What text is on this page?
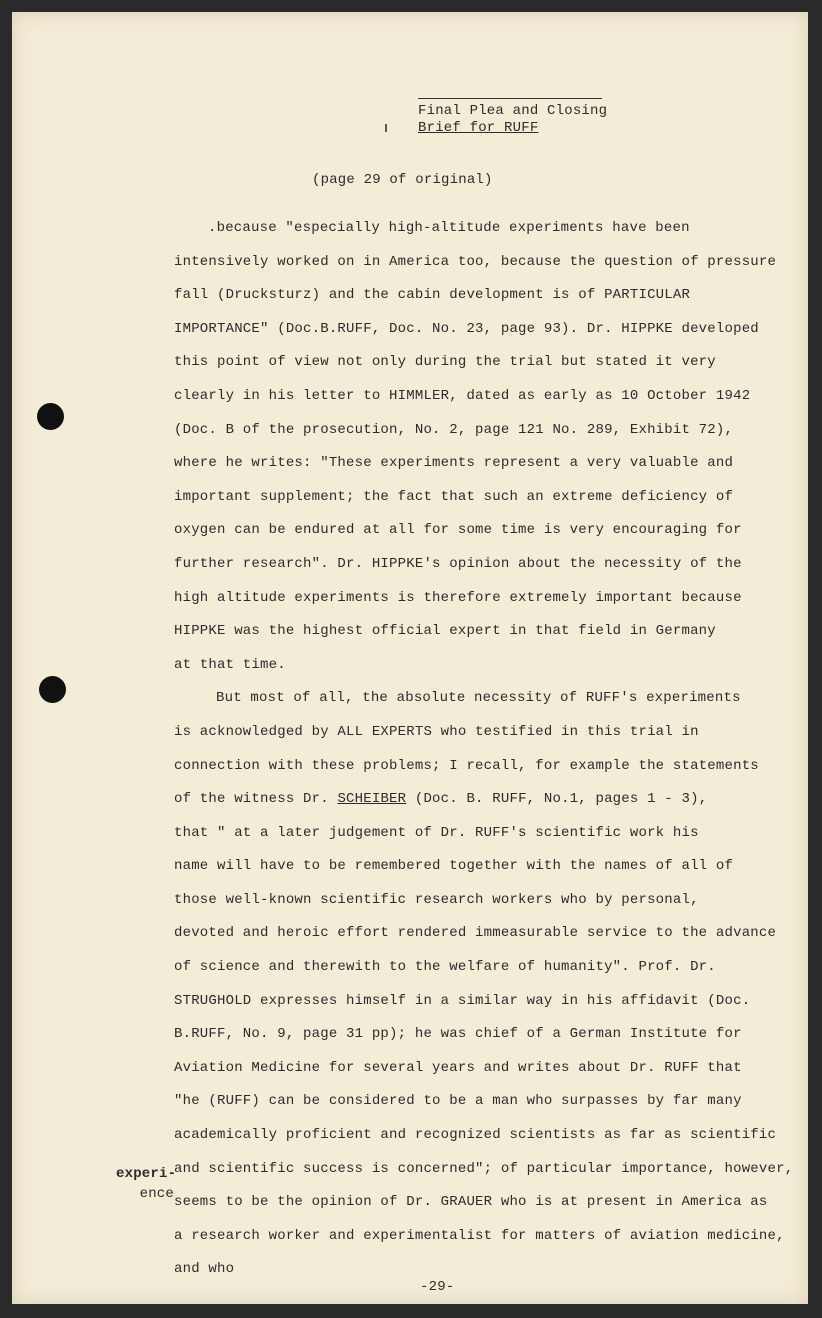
Final Plea and Closing
Brief for RUFF
(page 29 of original)
.because "especially high-altitude experiments have been
intensively worked on in America too, because the question of pressure
fall (Drucksturz) and the cabin development is of PARTICULAR
IMPORTANCE" (Doc.B.RUFF, Doc. No. 23, page 93). Dr. HIPPKE developed
this point of view not only during the trial but stated it very
clearly in his letter to HIMMLER, dated as early as 10 October 1942
(Doc. B of the prosecution, No. 2, page 121 No. 289, Exhibit 72),
where he writes: "These experiments represent a very valuable and
important supplement; the fact that such an extreme deficiency of
oxygen can be endured at all for some time is very encouraging for
further research". Dr. HIPPKE's opinion about the necessity of the
high altitude experiments is therefore extremely important because
HIPPKE was the highest official expert in that field in Germany
at that time.
But most of all, the absolute necessity of RUFF's experiments
is acknowledged by ALL EXPERTS who testified in this trial in
connection with these problems; I recall, for example the statements
of the witness Dr. SCHEIBER (Doc. B. RUFF, No.1, pages 1 - 3),
that " at a later judgement of Dr. RUFF's scientific work his
name will have to be remembered together with the names of all of
those well-known scientific research workers who by personal,
devoted and heroic effort rendered immeasurable service to the advance
of science and therewith to the welfare of humanity". Prof. Dr.
STRUGHOLD expresses himself in a similar way in his affidavit (Doc.
B.RUFF, No. 9, page 31 pp); he was chief of a German Institute for
Aviation Medicine for several years and writes about Dr. RUFF that
"he (RUFF) can be considered to be a man who surpasses by far many
academically proficient and recognized scientists as far as scientific
and scientific success is concerned"; of particular importance, however,
seems to be the opinion of Dr. GRAUER who is at present in America as
a research worker and experimentalist for matters of aviation medicine,
and who
experi-
ence
-29-
